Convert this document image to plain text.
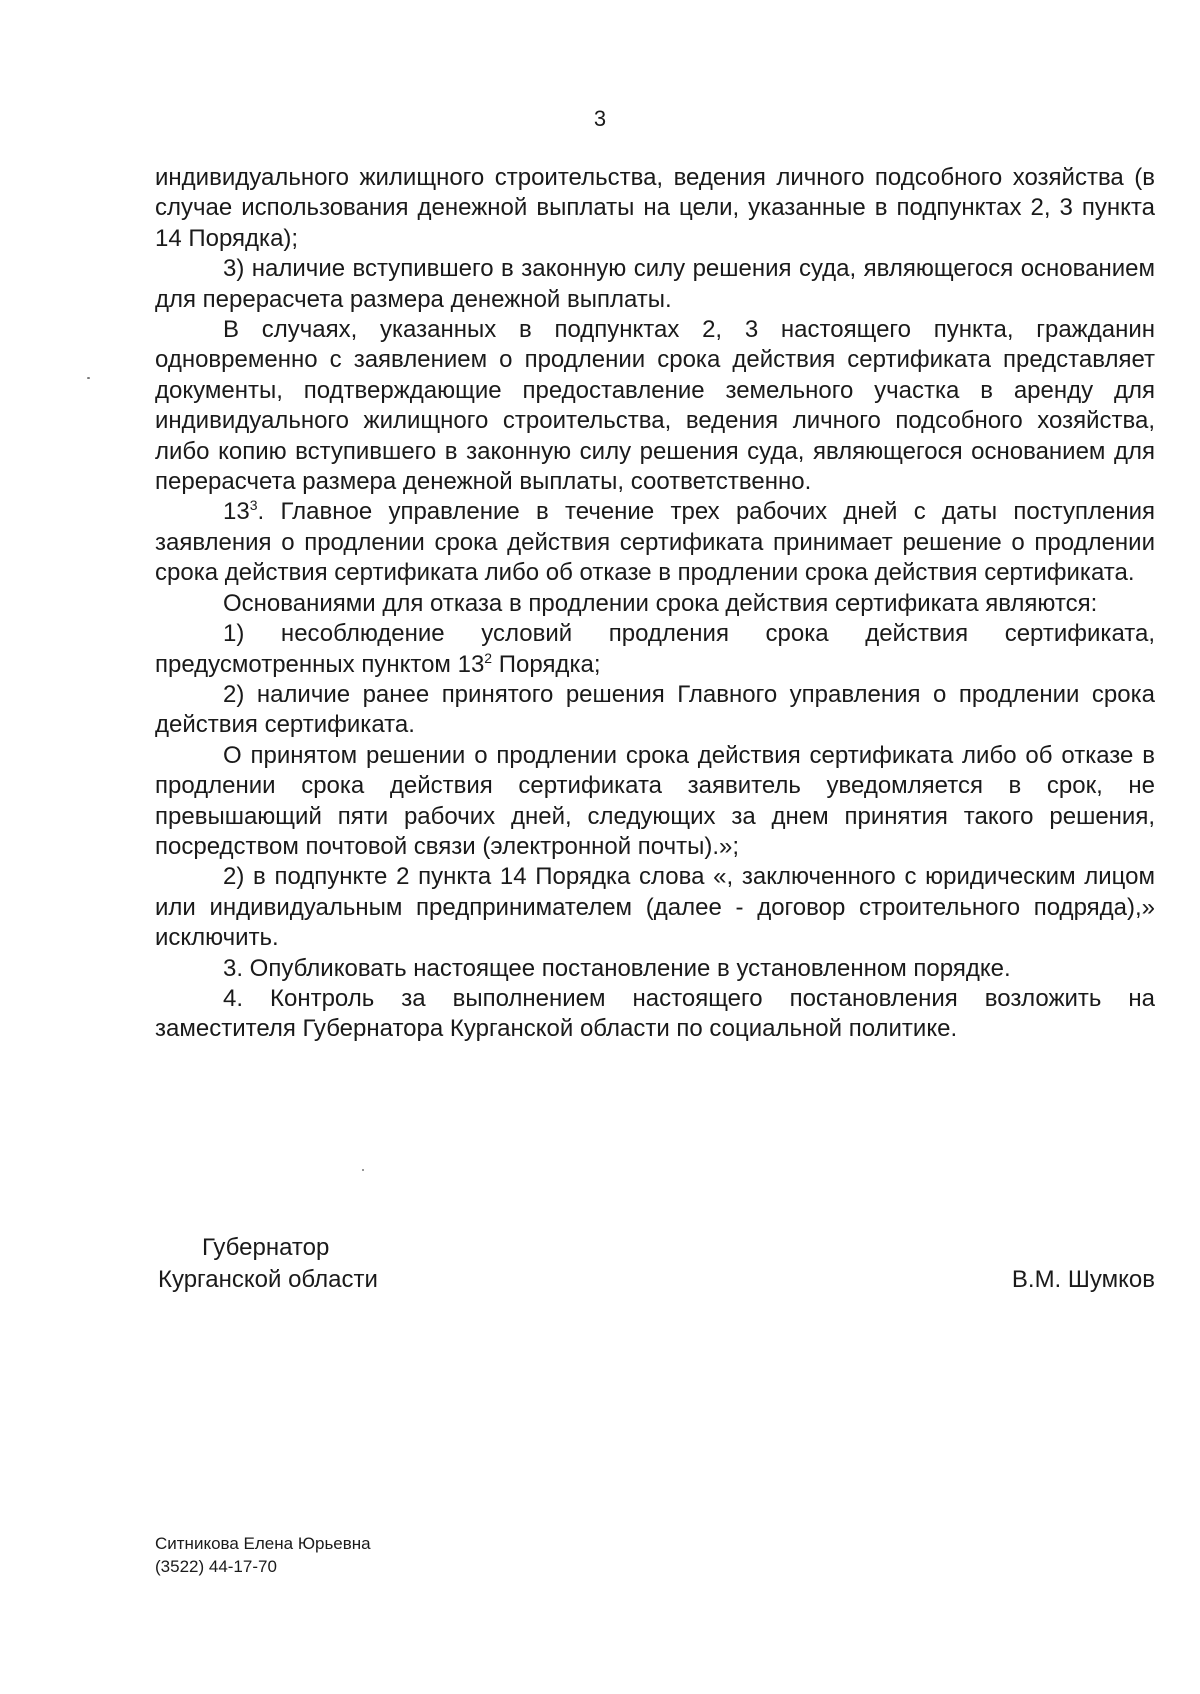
3

индивидуального жилищного строительства, ведения личного подсобного хозяйства (в случае использования денежной выплаты на цели, указанные в подпунктах 2, 3 пункта 14 Порядка);

3) наличие вступившего в законную силу решения суда, являющегося основанием для перерасчета размера денежной выплаты.

В случаях, указанных в подпунктах 2, 3 настоящего пункта, гражданин одновременно с заявлением о продлении срока действия сертификата представляет документы, подтверждающие предоставление земельного участка в аренду для индивидуального жилищного строительства, ведения личного подсобного хозяйства, либо копию вступившего в законную силу решения суда, являющегося основанием для перерасчета размера денежной выплаты, соответственно.

$13^3$. Главное управление в течение трех рабочих дней с даты поступления заявления о продлении срока действия сертификата принимает решение о продлении срока действия сертификата либо об отказе в продлении срока действия сертификата.

Основаниями для отказа в продлении срока действия сертификата являются:

1) несоблюдение условий продления срока действия сертификата, предусмотренных пунктом $13^2$ Порядка;

2) наличие ранее принятого решения Главного управления о продлении срока действия сертификата.

О принятом решении о продлении срока действия сертификата либо об отказе в продлении срока действия сертификата заявитель уведомляется в срок, не превышающий пяти рабочих дней, следующих за днем принятия такого решения, посредством почтовой связи (электронной почты).»;

2) в подпункте 2 пункта 14 Порядка слова «, заключенного с юридическим лицом или индивидуальным предпринимателем (далее - договор строительного подряда),» исключить.

3. Опубликовать настоящее постановление в установленном порядке.

4. Контроль за выполнением настоящего постановления возложить на заместителя Губернатора Курганской области по социальной политике.

Губернатор
Курганской области	В.М. Шумков
Ситникова Елена Юрьевна
(3522) 44-17-70
